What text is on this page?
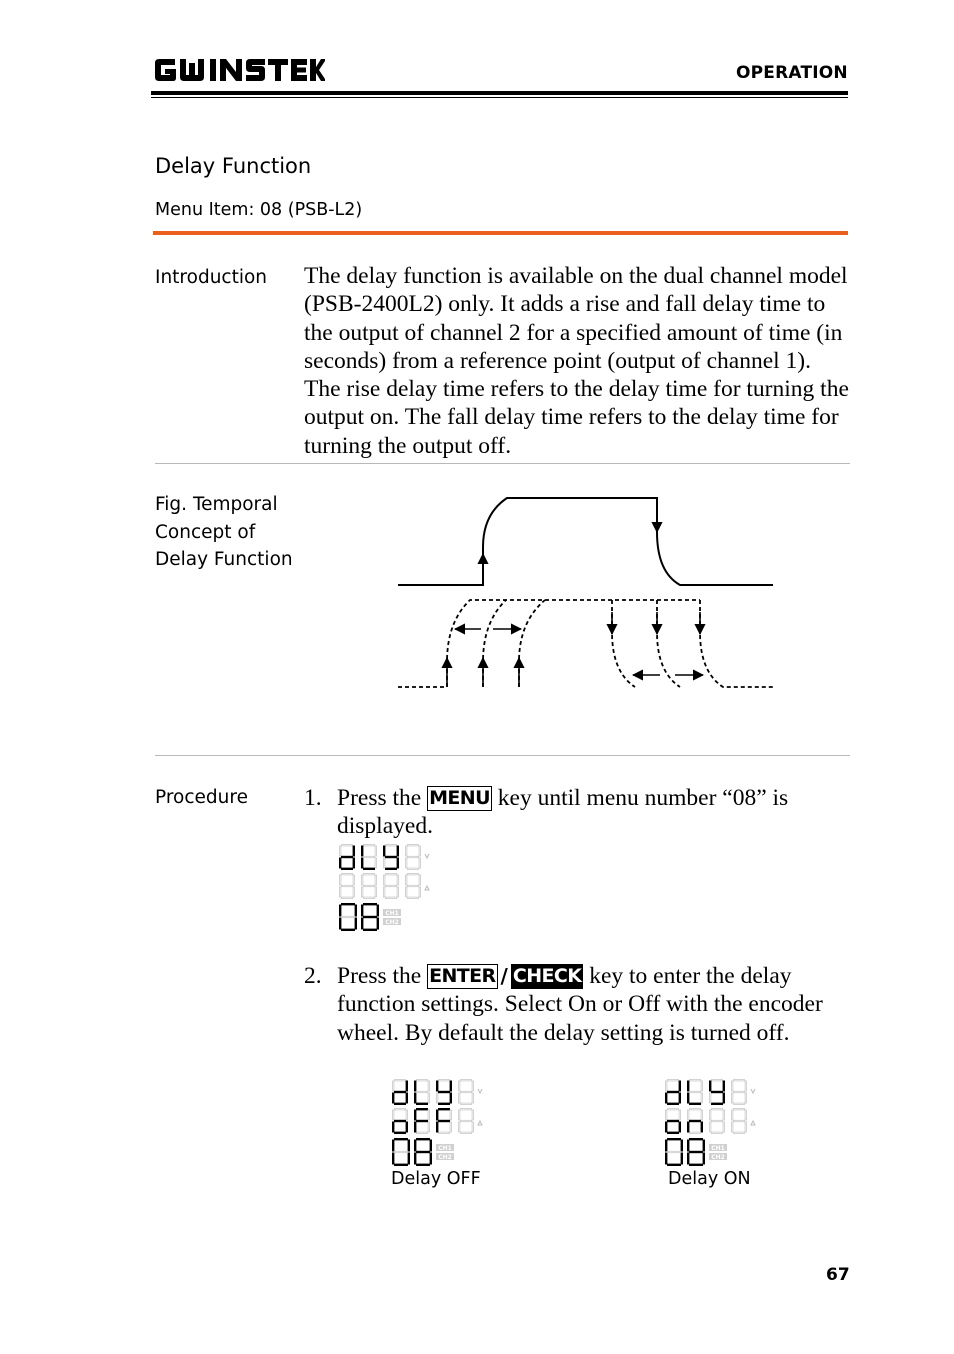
OPERATION
Delay Function
Menu Item: 08 (PSB-L2)
Introduction The delay function is available on the dual channel model (PSB-2400L2) only. It adds a rise and fall delay time to the output of channel 2 for a specified amount of time (in seconds) from a reference point (output of channel 1). The rise delay time refers to the delay time for turning the output on. The fall delay time refers to the delay time for turning the output off.
Fig. Temporal
Concept of
Delay Function
Procedure 1. Press the MENU key until menu number “08” is displayed.
CH1
CH2
2. Press the ENTER / CHECK key to enter the delay function settings. Select On or Off with the encoder wheel. By default the delay setting is turned off.
CH1
CH2
CH1
CH2
Delay OFF	Delay ON
67
